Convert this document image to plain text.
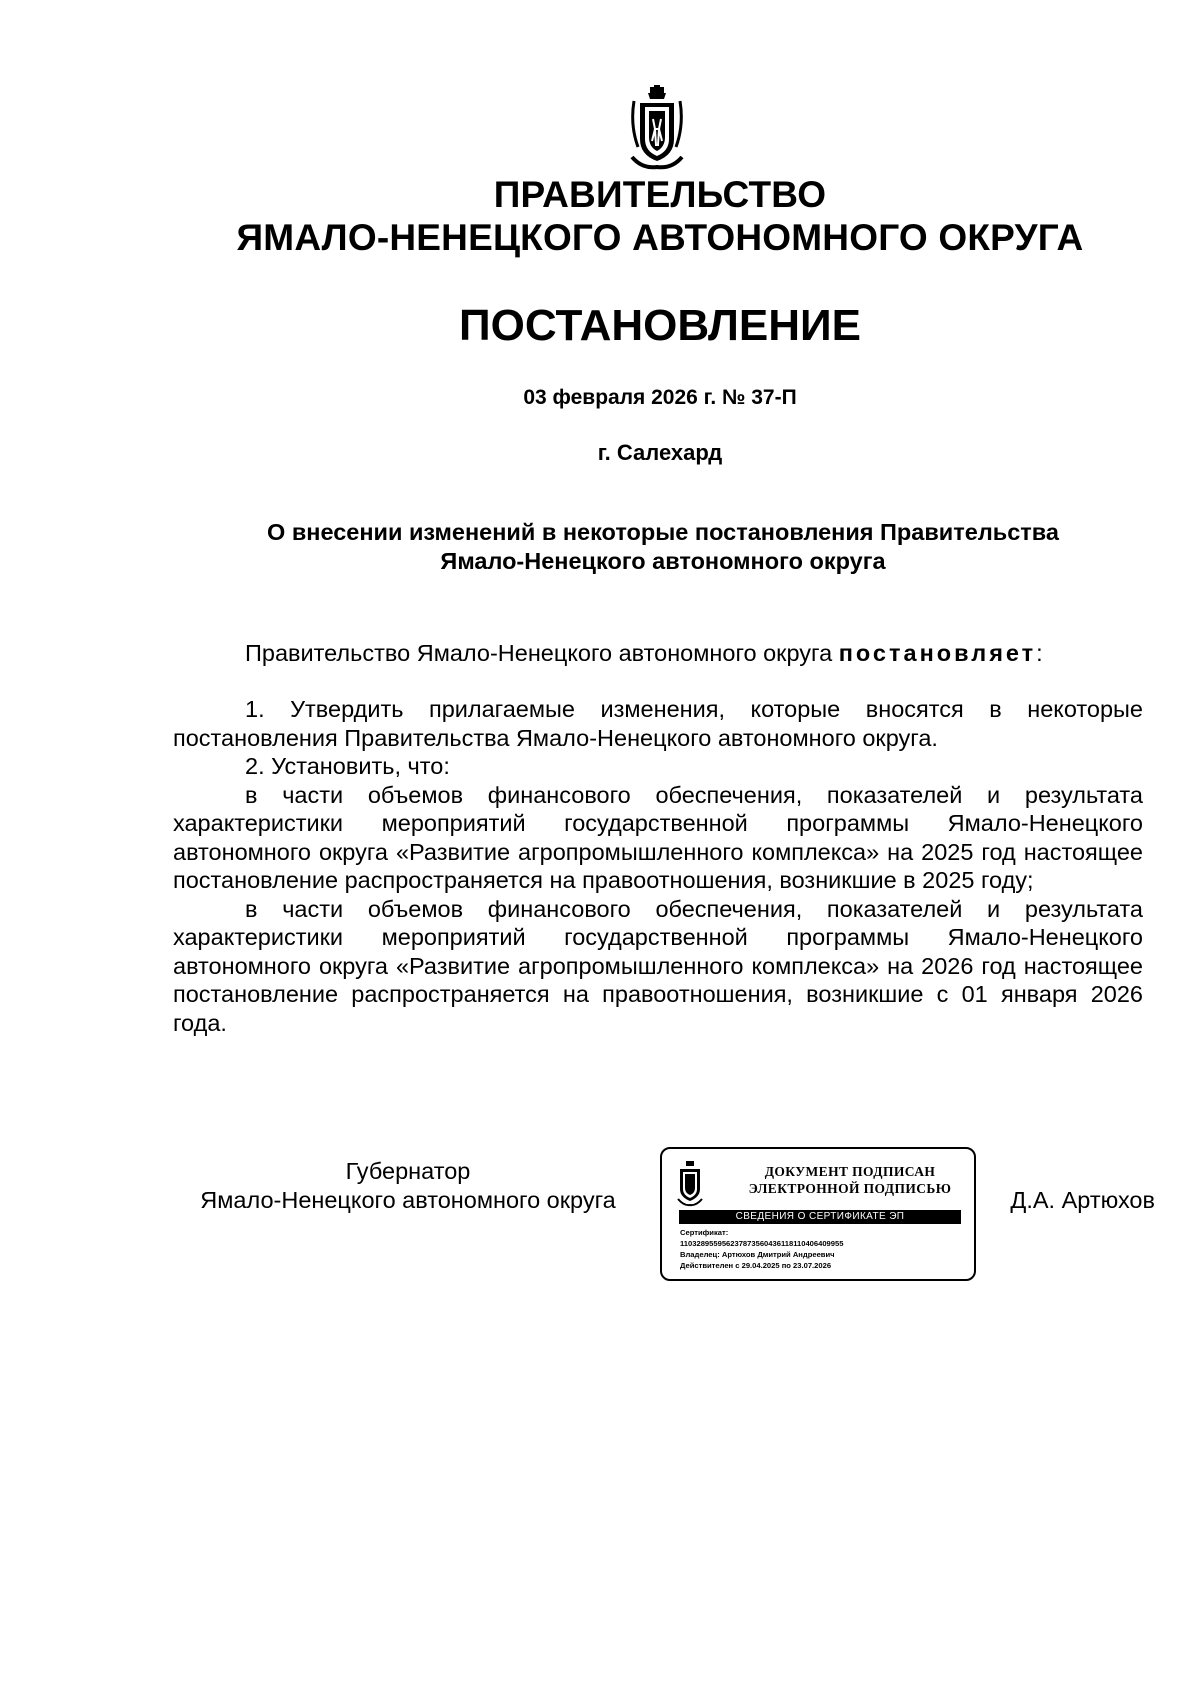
ПРАВИТЕЛЬСТВО
ЯМАЛО-НЕНЕЦКОГО АВТОНОМНОГО ОКРУГА
ПОСТАНОВЛЕНИЕ
03 февраля 2026 г. № 37-П
г. Салехард
О внесении изменений в некоторые постановления Правительства
Ямало-Ненецкого автономного округа
Правительство Ямало-Ненецкого автономного округа постановляет:

1. Утвердить прилагаемые изменения, которые вносятся в некоторые постановления Правительства Ямало-Ненецкого автономного округа.

2. Установить, что:

в части объемов финансового обеспечения, показателей и результата характеристики мероприятий государственной программы Ямало-Ненецкого автономного округа «Развитие агропромышленного комплекса» на 2025 год настоящее постановление распространяется на правоотношения, возникшие в 2025 году;

в части объемов финансового обеспечения, показателей и результата характеристики мероприятий государственной программы Ямало-Ненецкого автономного округа «Развитие агропромышленного комплекса» на 2026 год настоящее постановление распространяется на правоотношения, возникшие с 01 января 2026 года.

Губернатор
Ямало-Ненецкого автономного округа
ДОКУМЕНТ ПОДПИСАН
ЭЛЕКТРОННОЙ ПОДПИСЬЮ
СВЕДЕНИЯ О СЕРТИФИКАТЕ ЭП
Сертификат:
11032895595623787356043611811040640995​5
Владелец: Артюхов Дмитрий Андреевич
Действителен с 29.04.2025 по 23.07.2026
Д.А. Артюхов
